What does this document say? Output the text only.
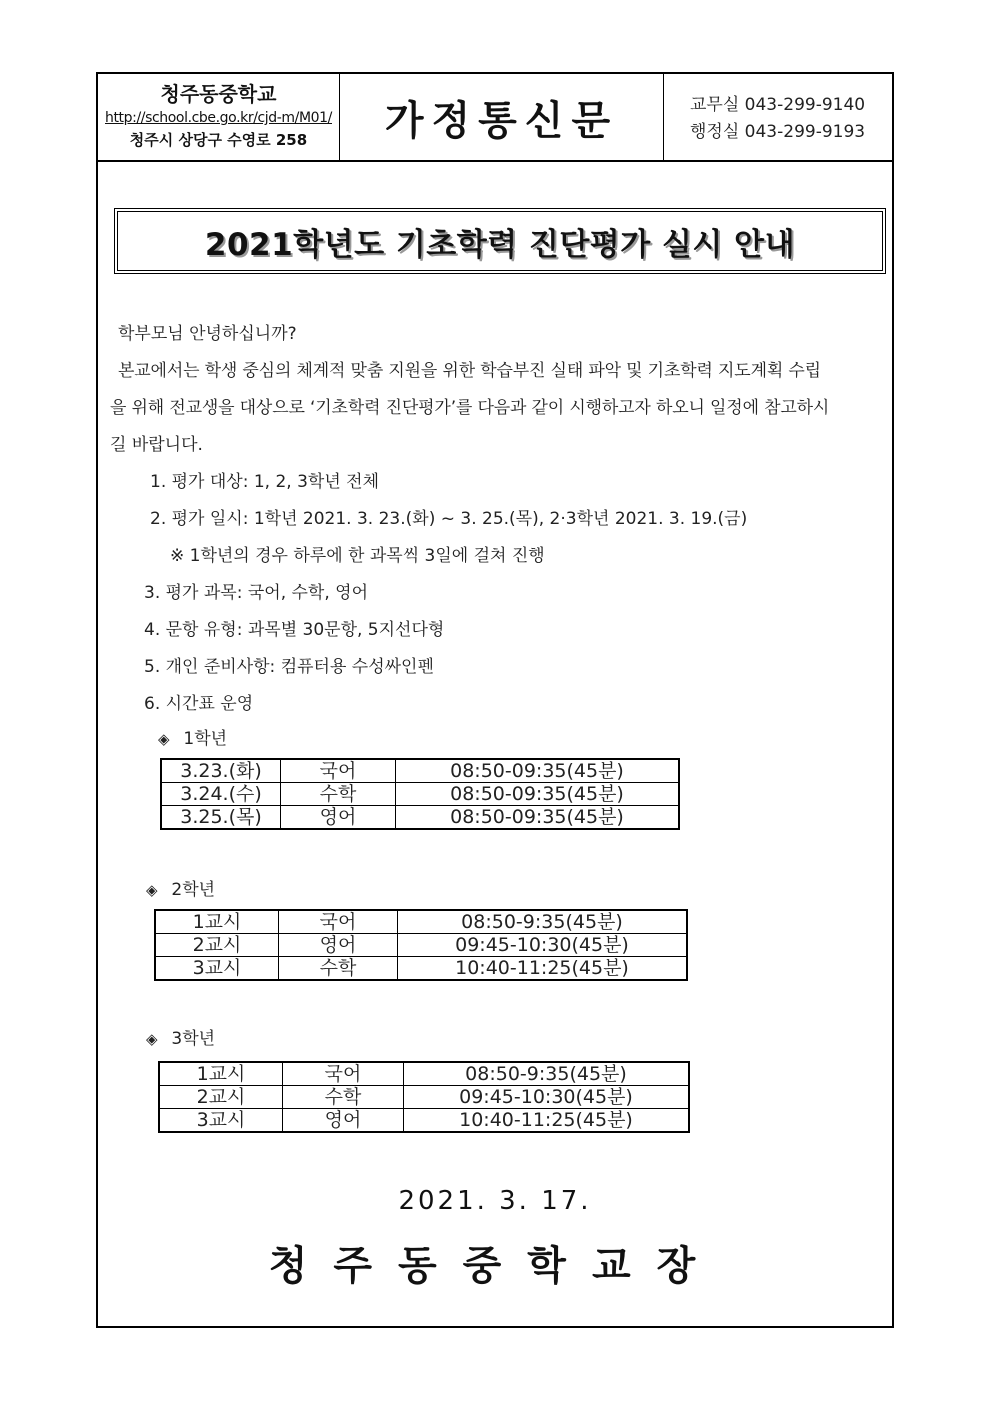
청주동중학교
http://school.cbe.go.kr/cjd-m/M01/
청주시 상당구 수영로 258	가정통신문	교무실 043-299-9140
행정실 043-299-9193
2021학년도 기초학력 진단평가 실시 안내

학부모님 안녕하십니까?

본교에서는 학생 중심의 체계적 맞춤 지원을 위한 학습부진 실태 파악 및 기초학력 지도계획 수립

을 위해 전교생을 대상으로 ‘기초학력 진단평가’를 다음과 같이 시행하고자 하오니 일정에 참고하시

길 바랍니다.

1. 평가 대상: 1, 2, 3학년 전체

2. 평가 일시: 1학년 2021. 3. 23.(화) ~ 3. 25.(목), 2·3학년 2021. 3. 19.(금)

※ 1학년의 경우 하루에 한 과목씩 3일에 걸쳐 진행

3. 평가 과목: 국어, 수학, 영어

4. 문항 유형: 과목별 30문항, 5지선다형

5. 개인 준비사항: 컴퓨터용 수성싸인펜

6. 시간표 운영

◈ 1학년
3.23.(화)	국어	08:50-09:35(45분)
3.24.(수)	수학	08:50-09:35(45분)
3.25.(목)	영어	08:50-09:35(45분)
◈ 2학년
1교시	국어	08:50-9:35(45분)
2교시	영어	09:45-10:30(45분)
3교시	수학	10:40-11:25(45분)
◈ 3학년
1교시	국어	08:50-9:35(45분)
2교시	수학	09:45-10:30(45분)
3교시	영어	10:40-11:25(45분)
2021. 3. 17.
청주동중학교장
